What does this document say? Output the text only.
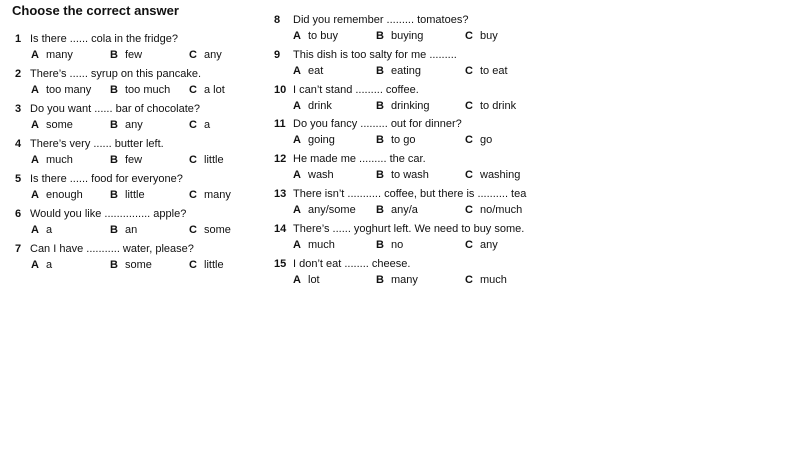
Choose the correct answer
1 Is there ...... cola in the fridge?
A many	B few	C any
2 There’s ...... syrup on this pancake.
A too many B too much C a lot
3 Do you want ...... bar of chocolate?
A some	B any	C a
4 There’s very ...... butter left.
A much	B few	C little
5 Is there ...... food for everyone?
A enough B little	C many
6 Would you like ............... apple?
A a	B an	C some
7 Can I have ........... water, please?
A a	B some	C little
8 Did you remember ......... tomatoes?
A to buy	B buying	C buy
9 This dish is too salty for me .........
A eat	B eating	C to eat
10 I can’t stand ......... coffee.
A drink	B drinking	C to drink
11 Do you fancy ......... out for dinner?
A going	B to go	C go
12 He made me ......... the car.
A wash	B to wash	C washing
13 There isn’t ........... coffee, but there is .......... tea
A any/some B any/a	C no/much
14 There’s ...... yoghurt left. We need to buy some.
A much	B no	C any
15 I don’t eat ........ cheese.
A lot	B many	C much
